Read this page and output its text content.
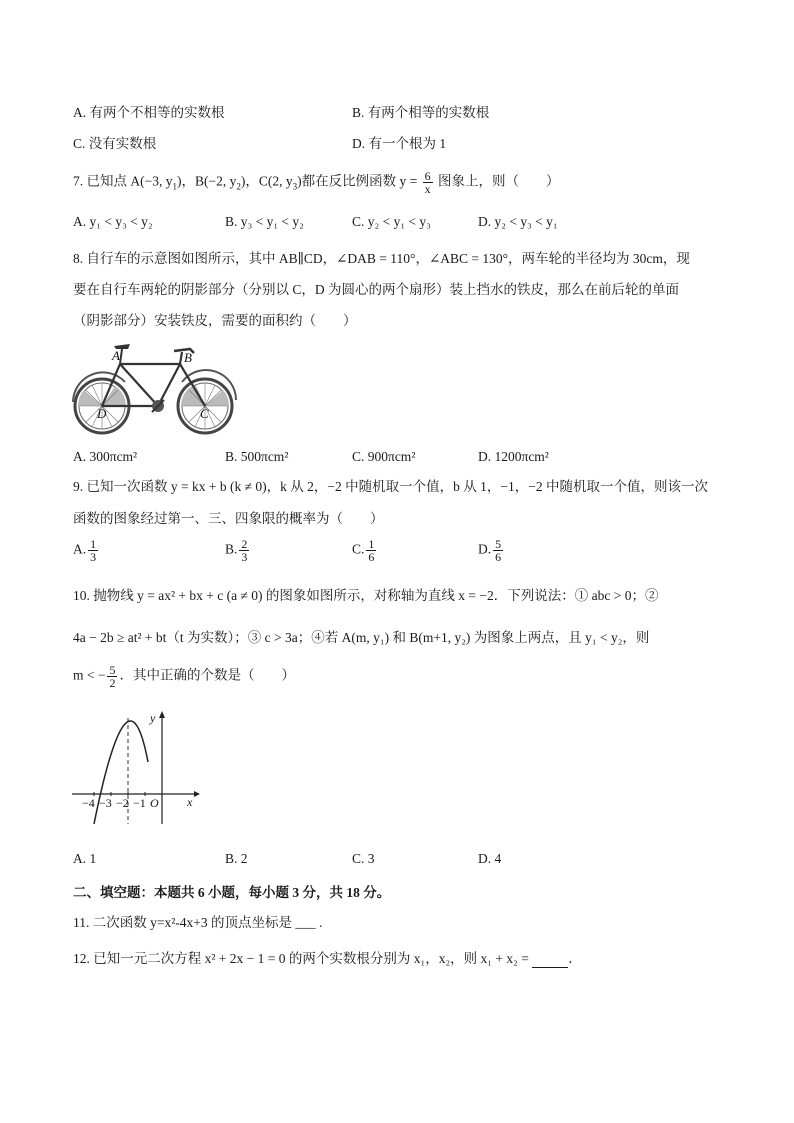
A. 有两个不相等的实数根	B. 有两个相等的实数根
C. 没有实数根	D. 有一个根为 1
7. 已知点 A(−3, $y_1$)，B(−2, $y_2$)，C(2, $y_3$)都在反比例函数 $y = \frac{6}{x}$ 图象上，则（　　）
A. y₁ < y₃ < y₂	B. y₃ < y₁ < y₂	C. y₂ < y₁ < y₃	D. y₂ < y₃ < y₁
8. 自行车的示意图如图所示，其中 AB∥CD，∠DAB = 110°，∠ABC = 130°，两车轮的半径均为 30cm，现
要在自行车两轮的阴影部分（分别以 C，D 为圆心的两个扇形）装上挡水的铁皮，那么在前后轮的单面
（阴影部分）安装铁皮，需要的面积约（　　）
A	B
C
D
A. 300πcm²	B. 500πcm²	C. 900πcm²	D. 1200πcm²
9. 已知一次函数 y = kx + b (k ≠ 0)，k 从 2，−2 中随机取一个值，b 从 1，−1，−2 中随机取一个值，则该一次
函数的图象经过第一、三、四象限的概率为（　　）
A. $\frac{1}{3}$	B. $\frac{2}{3}$	C. $\frac{1}{6}$	D. $\frac{5}{6}$
10. 抛物线 y = ax² + bx + c (a ≠ 0) 的图象如图所示，对称轴为直线 x = −2．下列说法：① abc > 0；②
4a − 2b ≥ at² + bt（t 为实数）；③ c > 3a；④若 A(m, y₁) 和 B(m+1, y₂) 为图象上两点，且 y₁ < y₂，则
m < − $\frac{5}{2}$ ．其中正确的个数是（　　）
−4 −3 −2 −1 O x
y
A. 1	B. 2	C. 3	D. 4
二、填空题：本题共 6 小题，每小题 3 分，共 18 分。
11. 二次函数 y=x²-4x+3 的顶点坐标是 ___ .
12. 已知一元二次方程 x² + 2x − 1 = 0 的两个实数根分别为 x₁，x₂，则 x₁ + x₂ =	．
